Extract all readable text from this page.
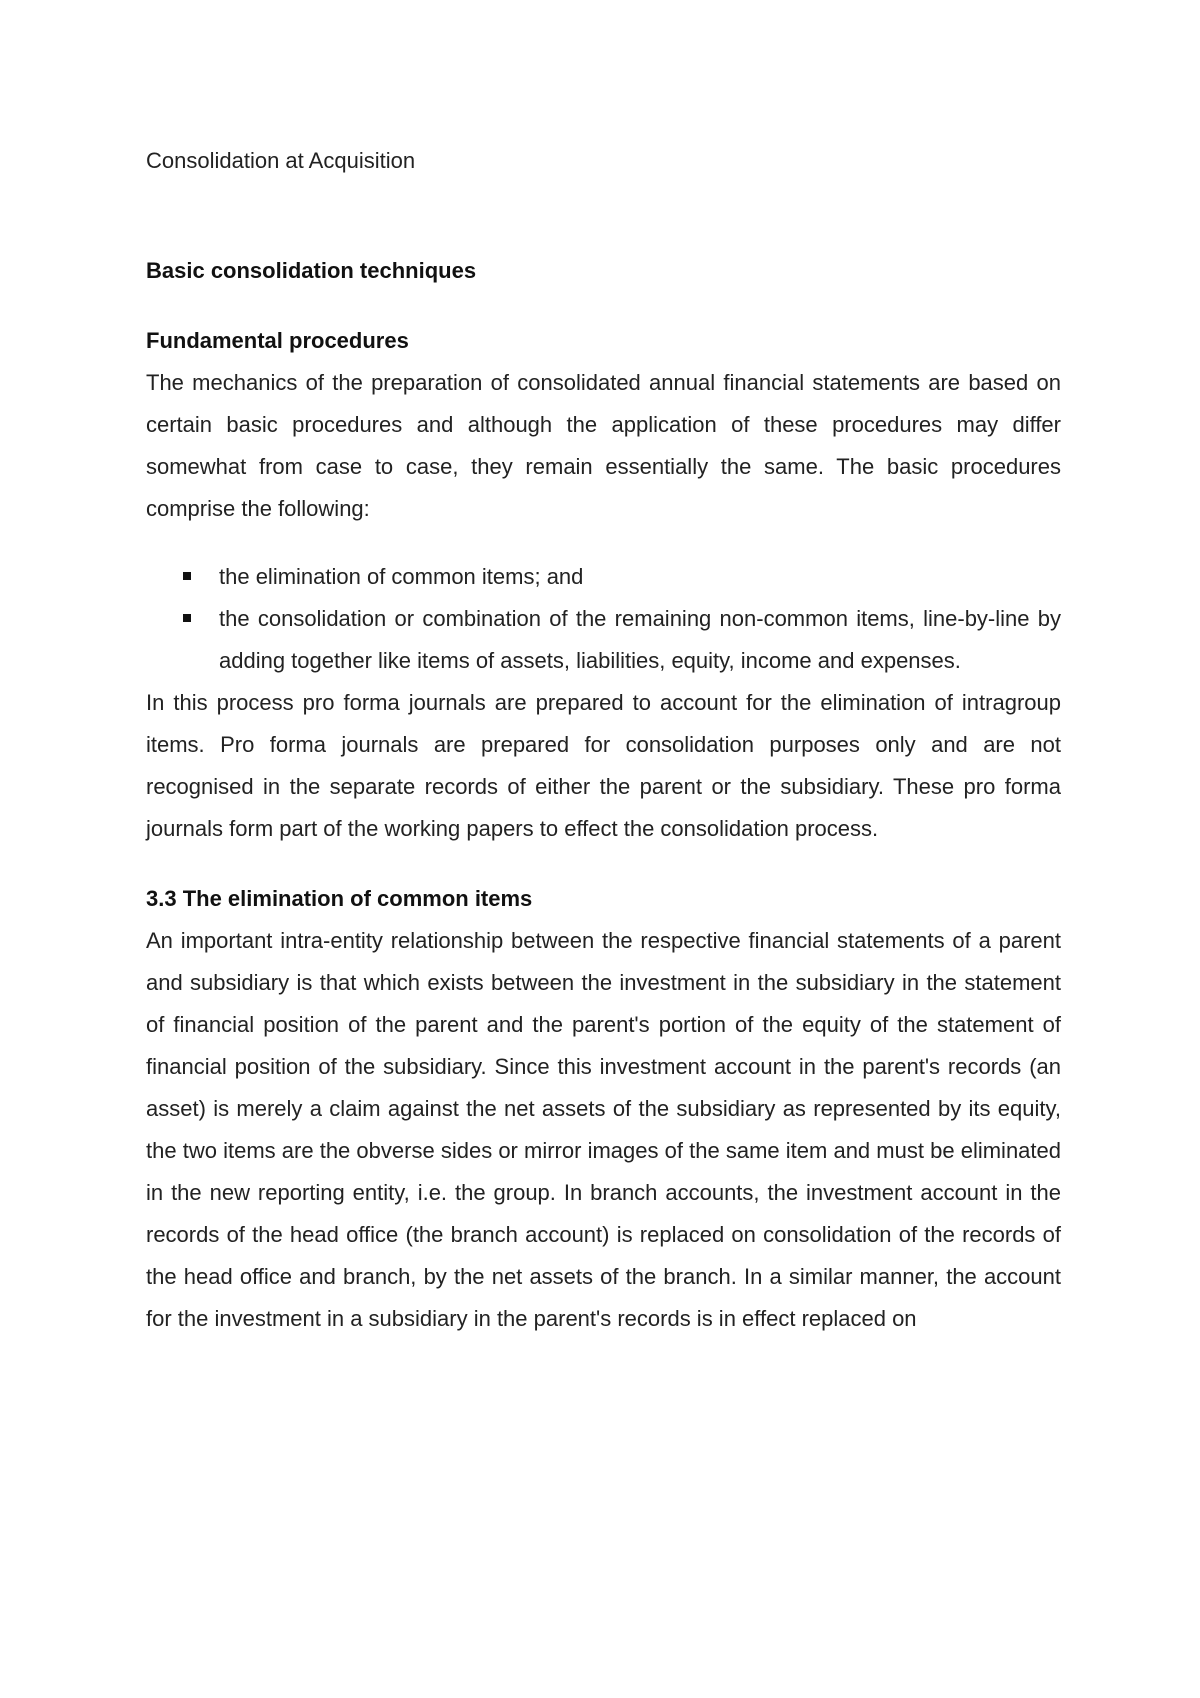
Consolidation at Acquisition

Basic consolidation techniques
Fundamental procedures

The mechanics of the preparation of consolidated annual financial statements are based on certain basic procedures and although the application of these procedures may differ somewhat from case to case, they remain essentially the same. The basic procedures comprise the following:

the elimination of common items; and
the consolidation or combination of the remaining non-common items, line-by-line by adding together like items of assets, liabilities, equity, income and expenses.

In this process pro forma journals are prepared to account for the elimination of intragroup items. Pro forma journals are prepared for consolidation purposes only and are not recognised in the separate records of either the parent or the subsidiary. These pro forma journals form part of the working papers to effect the consolidation process.

3.3 The elimination of common items

An important intra-entity relationship between the respective financial statements of a parent and subsidiary is that which exists between the investment in the subsidiary in the statement of financial position of the parent and the parent's portion of the equity of the statement of financial position of the subsidiary. Since this investment account in the parent's records (an asset) is merely a claim against the net assets of the subsidiary as represented by its equity, the two items are the obverse sides or mirror images of the same item and must be eliminated in the new reporting entity, i.e. the group. In branch accounts, the investment account in the records of the head office (the branch account) is replaced on consolidation of the records of the head office and branch, by the net assets of the branch. In a similar manner, the account for the investment in a subsidiary in the parent's records is in effect replaced on
